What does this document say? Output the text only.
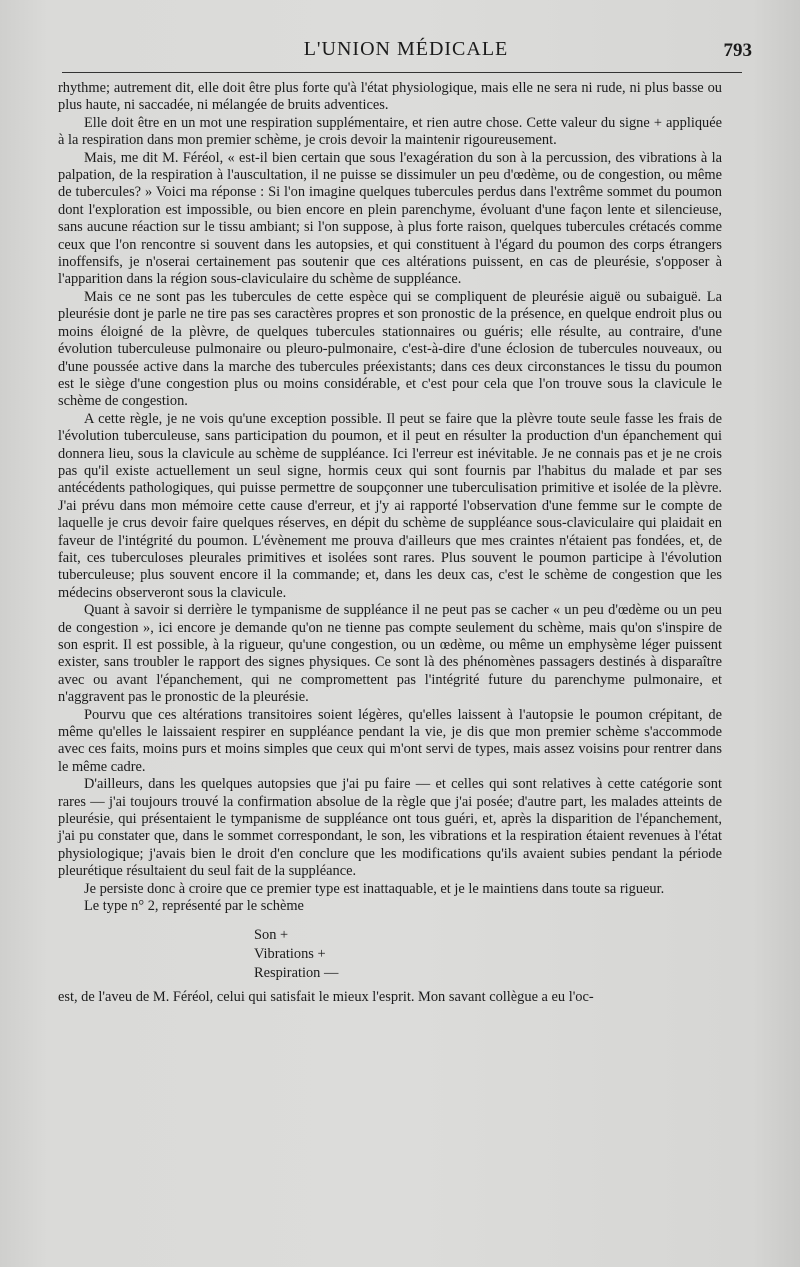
L'UNION MÉDICALE	793

rhythme; autrement dit, elle doit être plus forte qu'à l'état physiologique, mais elle ne sera ni rude, ni plus basse ou plus haute, ni saccadée, ni mélangée de bruits adventices.

Elle doit être en un mot une respiration supplémentaire, et rien autre chose. Cette valeur du signe + appliquée à la respiration dans mon premier schème, je crois devoir la maintenir rigoureusement.

Mais, me dit M. Féréol, « est-il bien certain que sous l'exagération du son à la percussion, des vibrations à la palpation, de la respiration à l'auscultation, il ne puisse se dissimuler un peu d'œdème, ou de congestion, ou même de tubercules? » Voici ma réponse : Si l'on imagine quelques tubercules perdus dans l'extrême sommet du poumon dont l'exploration est impossible, ou bien encore en plein parenchyme, évoluant d'une façon lente et silencieuse, sans aucune réaction sur le tissu ambiant; si l'on suppose, à plus forte raison, quelques tubercules crétacés comme ceux que l'on rencontre si souvent dans les autopsies, et qui constituent à l'égard du poumon des corps étrangers inoffensifs, je n'oserai certainement pas soutenir que ces altérations puissent, en cas de pleurésie, s'opposer à l'apparition dans la région sous-claviculaire du schème de suppléance.

Mais ce ne sont pas les tubercules de cette espèce qui se compliquent de pleurésie aiguë ou subaiguë. La pleurésie dont je parle ne tire pas ses caractères propres et son pronostic de la présence, en quelque endroit plus ou moins éloigné de la plèvre, de quelques tubercules stationnaires ou guéris; elle résulte, au contraire, d'une évolution tuberculeuse pulmonaire ou pleuro-pulmonaire, c'est-à-dire d'une éclosion de tubercules nouveaux, ou d'une poussée active dans la marche des tubercules préexistants; dans ces deux circonstances le tissu du poumon est le siège d'une congestion plus ou moins considérable, et c'est pour cela que l'on trouve sous la clavicule le schème de congestion.

A cette règle, je ne vois qu'une exception possible. Il peut se faire que la plèvre toute seule fasse les frais de l'évolution tuberculeuse, sans participation du poumon, et il peut en résulter la production d'un épanchement qui donnera lieu, sous la clavicule au schème de suppléance. Ici l'erreur est inévitable. Je ne connais pas et je ne crois pas qu'il existe actuellement un seul signe, hormis ceux qui sont fournis par l'habitus du malade et par ses antécédents pathologiques, qui puisse permettre de soupçonner une tuberculisation primitive et isolée de la plèvre. J'ai prévu dans mon mémoire cette cause d'erreur, et j'y ai rapporté l'observation d'une femme sur le compte de laquelle je crus devoir faire quelques réserves, en dépit du schème de suppléance sous-claviculaire qui plaidait en faveur de l'intégrité du poumon. L'évènement me prouva d'ailleurs que mes craintes n'étaient pas fondées, et, de fait, ces tuberculoses pleurales primitives et isolées sont rares. Plus souvent le poumon participe à l'évolution tuberculeuse; plus souvent encore il la commande; et, dans les deux cas, c'est le schème de congestion que les médecins observeront sous la clavicule.

Quant à savoir si derrière le tympanisme de suppléance il ne peut pas se cacher « un peu d'œdème ou un peu de congestion », ici encore je demande qu'on ne tienne pas compte seulement du schème, mais qu'on s'inspire de son esprit. Il est possible, à la rigueur, qu'une congestion, ou un œdème, ou même un emphysème léger puissent exister, sans troubler le rapport des signes physiques. Ce sont là des phénomènes passagers destinés à disparaître avec ou avant l'épanchement, qui ne compromettent pas l'intégrité future du parenchyme pulmonaire, et n'aggravent pas le pronostic de la pleurésie.

Pourvu que ces altérations transitoires soient légères, qu'elles laissent à l'autopsie le poumon crépitant, de même qu'elles le laissaient respirer en suppléance pendant la vie, je dis que mon premier schème s'accommode avec ces faits, moins purs et moins simples que ceux qui m'ont servi de types, mais assez voisins pour rentrer dans le même cadre.

D'ailleurs, dans les quelques autopsies que j'ai pu faire — et celles qui sont relatives à cette catégorie sont rares — j'ai toujours trouvé la confirmation absolue de la règle que j'ai posée; d'autre part, les malades atteints de pleurésie, qui présentaient le tympanisme de suppléance ont tous guéri, et, après la disparition de l'épanchement, j'ai pu constater que, dans le sommet correspondant, le son, les vibrations et la respiration étaient revenues à l'état physiologique; j'avais bien le droit d'en conclure que les modifications qu'ils avaient subies pendant la période pleurétique résultaient du seul fait de la suppléance.

Je persiste donc à croire que ce premier type est inattaquable, et je le maintiens dans toute sa rigueur.

Le type n° 2, représenté par le schème

Son +
Vibrations +
Respiration —

est, de l'aveu de M. Féréol, celui qui satisfait le mieux l'esprit. Mon savant collègue a eu l'oc-
